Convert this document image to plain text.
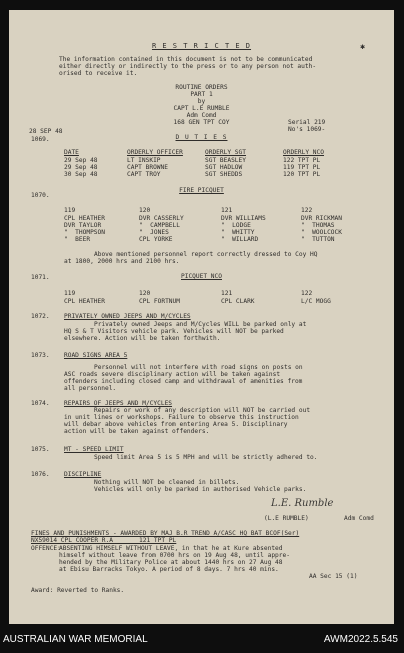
R E S T R I C T E D	✱
The information contained in this document is not to be communicated
either directly or indirectly to the press or to any person not auth-
orised to receive it.
ROUTINE ORDERS
PART 1
by
CAPT L.E RUMBLE
Adm Comd
168 GEN TPT COY	Serial 219
No's 1069-
28 SEP 48
1069.	D U T I E S
DATE	ORDERLY OFFICER	ORDERLY SGT	ORDERLY NCO
29 Sep 48	LT INSKIP	SGT BEASLEY	122 TPT PL
29 Sep 48	CAPT BROWNE	SGT HADLOW	119 TPT PL
30 Sep 48	CAPT TROY	SGT SHEDDS	120 TPT PL
1070.
FIRE PICQUET
119	120	121	122
CPL HEATHER	DVR CASSERLY	DVR WILLIAMS	DVR RICKMAN
DVR TAYLOR	"  CAMPBELL	"  LODGE	"  THOMAS
"  THOMPSON	"  JONES	"  WHITTY	"  WOOLCOCK
"  BEER	CPL YORKE	"  WILLARD	"  TUTTON
Above mentioned personnel report correctly dressed to Coy HQ
at 1800, 2000 hrs and 2100 hrs.
1071.	PICQUET NCO
119	120	121	122
CPL HEATHER	CPL FORTNUM	CPL CLARK	L/C MOGG
1072. PRIVATELY OWNED JEEPS AND M/CYCLES
Privately owned Jeeps and M/Cycles WILL be parked only at
HQ S & T Visitors vehicle park. Vehicles will NOT be parked
elsewhere. Action will be taken forthwith.
1073. ROAD SIGNS AREA 5
Personnel will not interfere with road signs on posts on
ASC roads severe disciplinary action will be taken against
offenders including closed camp and withdrawal of amenities from
all personnel.
1074. REPAIRS OF JEEPS AND M/CYCLES
Repairs or work of any description will NOT be carried out
in unit lines or workshops. Failure to observe this instruction
will debar above vehicles from entering Area 5. Disciplinary
action will be taken against offenders.
1075. MT - SPEED LIMIT
Speed limit Area 5 is 5 MPH and will be strictly adhered to.
1076. DISCIPLINE
Nothing will NOT be cleaned in billets.
Vehicles will only be parked in authorised Vehicle parks.
L.E. Rumble
(L.E RUMBLE)	Adm Comd
FINES AND PUNISHMENTS - AWARDED BY MAJ B.R TREND A/CASC HQ BAT BCOF(Ser)
NX59014 CPL COOPER R.A       121 TPT PL
OFFENCE:
ABSENTING HIMSELF WITHOUT LEAVE, in that he at Kure absented
himself without leave from 0700 hrs on 19 Aug 48, until appre-
hended by the Military Police at about 1440 hrs on 27 Aug 48
at Ebisu Barracks Tokyo. A period of 8 days. 7 hrs 40 mins.
AA Sec 15 (1)
Award: Reverted to Ranks.
AUSTRALIAN WAR MEMORIAL	AWM2022.5.545
